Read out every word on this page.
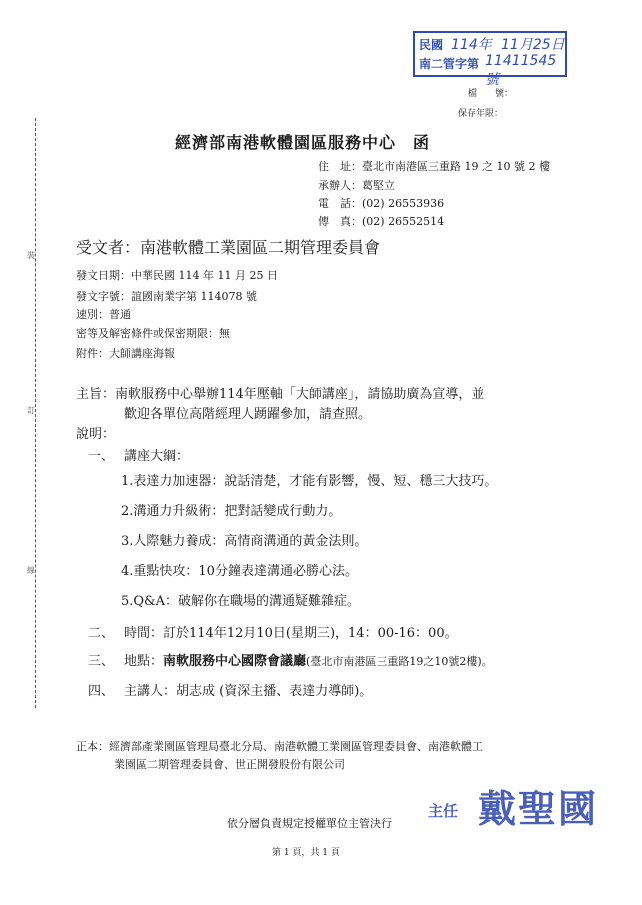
民國 114年 11月25日
南二管字第 11411545號
檔　　號：
保存年限：
經濟部南港軟體園區服務中心　函
住　址：臺北市南港區三重路 19 之 10 號 2 樓
承辦人：葛堅立
電　話：(02) 26553936
傳　真：(02) 26552514
受文者：南港軟體工業園區二期管理委員會
發文日期：中華民國 114 年 11 月 25 日
發文字號：誼國南業字第 114078 號
速別：普通
密等及解密條件或保密期限：無
附件：大師講座海報
主旨：南軟服務中心舉辦114年壓軸「大師講座」，請協助廣為宣導，並
歡迎各單位高階經理人踴躍參加，請查照。
說明：
一、 講座大綱：
1.表達力加速器：說話清楚，才能有影響，慢、短、穩三大技巧。
2.溝通力升級術：把對話變成行動力。
3.人際魅力養成：高情商溝通的黃金法則。
4.重點快攻：10分鐘表達溝通必勝心法。
5.Q&A：破解你在職場的溝通疑難雜症。
二、 時間：訂於114年12月10日(星期三)，14：00-16：00。
三、 地點：南軟服務中心國際會議廳(臺北市南港區三重路19之10號2樓)。
四、 主講人：胡志成 (資深主播、表達力導師)。
正本：經濟部產業園區管理局臺北分局、南港軟體工業園區管理委員會、南港軟體工
業園區二期管理委員會、世正開發股份有限公司
主任 戴聖國
依分層負責規定授權單位主管決行
第 1 頁，共 1 頁
裝
訂
線
